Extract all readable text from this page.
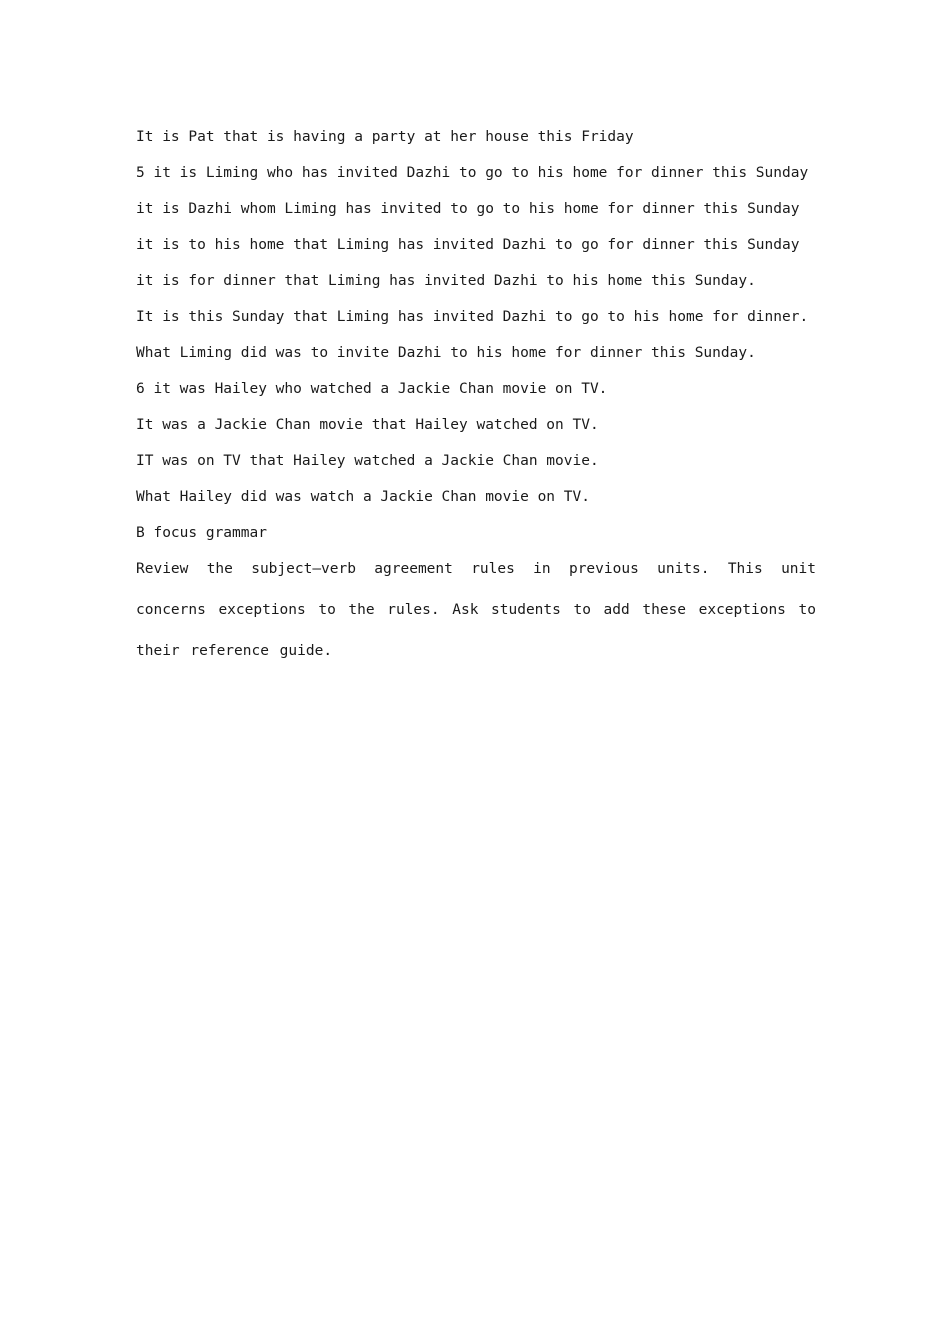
It is Pat that is having a party at her house this Friday

5 it is Liming who has invited Dazhi to go to his home for dinner this Sunday

it is Dazhi whom Liming has invited to go to his home for dinner this Sunday

it is to his home that Liming has invited Dazhi to go for dinner this Sunday

it is for dinner that Liming has invited Dazhi to his home this Sunday.

It is this Sunday that Liming has invited Dazhi to go to his home for dinner.

What Liming did was to invite Dazhi to his home for dinner this Sunday.

6 it was Hailey who watched a Jackie Chan movie on TV.

It was a Jackie Chan movie that Hailey watched on TV.

IT was on TV that Hailey watched a Jackie Chan movie.

What Hailey did was watch a Jackie Chan movie on TV.

B focus grammar

Review the subject—verb agreement rules in previous units. This unit concerns exceptions to the rules. Ask students to add these exceptions to their reference guide.
